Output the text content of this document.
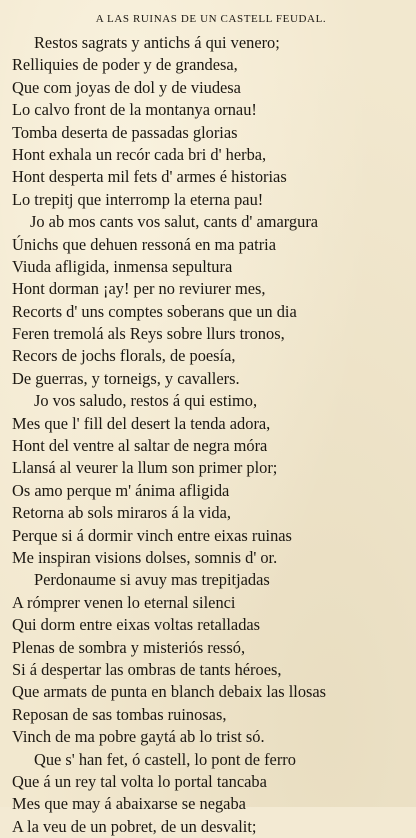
A LAS RUINAS DE UN CASTELL FEUDAL.
Restos sagrats y antichs á qui venero;
Relliquies de poder y de grandesa,
Que com joyas de dol y de viudesa
Lo calvo front de la montanya ornau!
Tomba deserta de passadas glorias
Hont exhala un recór cada bri d' herba,
Hont desperta mil fets d' armes é historias
Lo trepitj que interromp la eterna pau!
Jo ab mos cants vos salut, cants d' amargura
Únichs que dehuen ressoná en ma patria
Viuda afligida, inmensa sepultura
Hont dorman ¡ay! per no reviurer mes,
Recorts d' uns comptes soberans que un dia
Feren tremolá als Reys sobre llurs tronos,
Recors de jochs florals, de poesía,
De guerras, y torneigs, y cavallers.
Jo vos saludo, restos á qui estimo,
Mes que l' fill del desert la tenda adora,
Hont del ventre al saltar de negra móra
Llansá al veurer la llum son primer plor;
Os amo perque m' ánima afligida
Retorna ab sols miraros á la vida,
Perque si á dormir vinch entre eixas ruinas
Me inspiran visions dolses, somnis d' or.
Perdonaume si avuy mas trepitjadas
A rómprer venen lo eternal silenci
Qui dorm entre eixas voltas retalladas
Plenas de sombra y misteriós ressó,
Si á despertar las ombras de tants héroes,
Que armats de punta en blanch debaix las llosas
Reposan de sas tombas ruinosas,
Vinch de ma pobre gaytá ab lo trist só.
Que s' han fet, ó castell, lo pont de ferro
Que á un rey tal volta lo portal tancaba
Mes que may á abaixarse se negaba
A la veu de un pobret, de un desvalit;
